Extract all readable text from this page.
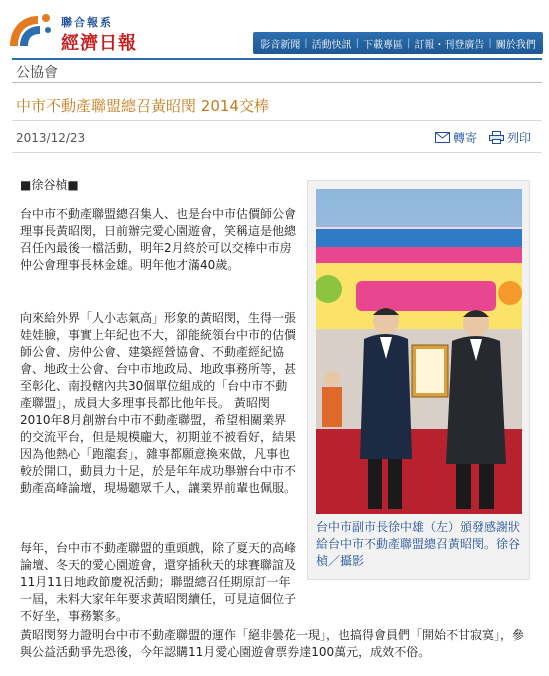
聯合報系
經濟日報	影音新聞 | 活動快訊 | 下載專區 | 訂報・刊登廣告 | 關於我們
公協會
中市不動產聯盟總召黃昭閔 2014交棒
2013/12/23	轉寄	列印
■徐谷楨■

台中市不動產聯盟總召集人、也是台中市估價師公會理事長黃昭閔，日前辦完愛心園遊會，笑稱這是他總召任內最後一檔活動，明年2月終於可以交棒中市房仲公會理事長林金雄。明年他才滿40歲。

向來給外界「人小志氣高」形象的黃昭閔，生得一張娃娃臉，事實上年紀也不大，卻能統領台中市的估價師公會、房仲公會、建築經營協會、不動產經紀協會、地政士公會、台中市地政局、地政事務所等，甚至彰化、南投轄內共30個單位組成的「台中市不動產聯盟」，成員大多理事長都比他年長。 黃昭閔2010年8月創辦台中市不動產聯盟，希望相關業界的交流平台，但是規模龐大，初期並不被看好，結果因為他熱心「跑龍套」，雜事都願意換來做，凡事也較於開口，動員力十足，於是年年成功舉辦台中市不動產高峰論壇，現場聽眾千人，讓業界前輩也佩服。

每年，台中市不動產聯盟的重頭戲，除了夏天的高峰論壇、冬天的愛心園遊會，還穿插秋天的球賽聯誼及11月11日地政節慶祝活動；聯盟總召任期原訂一年一屆，未料大家年年要求黃昭閔續任，可見這個位子不好坐，事務繁多。

黃昭閔努力證明台中市不動產聯盟的運作「絕非曇花一現」，也搞得會員們「開始不甘寂寞」，參與公益活動爭先恐後，今年認購11月愛心園遊會票券達100萬元，成效不俗。

台中市副市長徐中雄（左）頒發感謝狀給台中市不動產聯盟總召黃昭閔。徐谷楨／攝影
